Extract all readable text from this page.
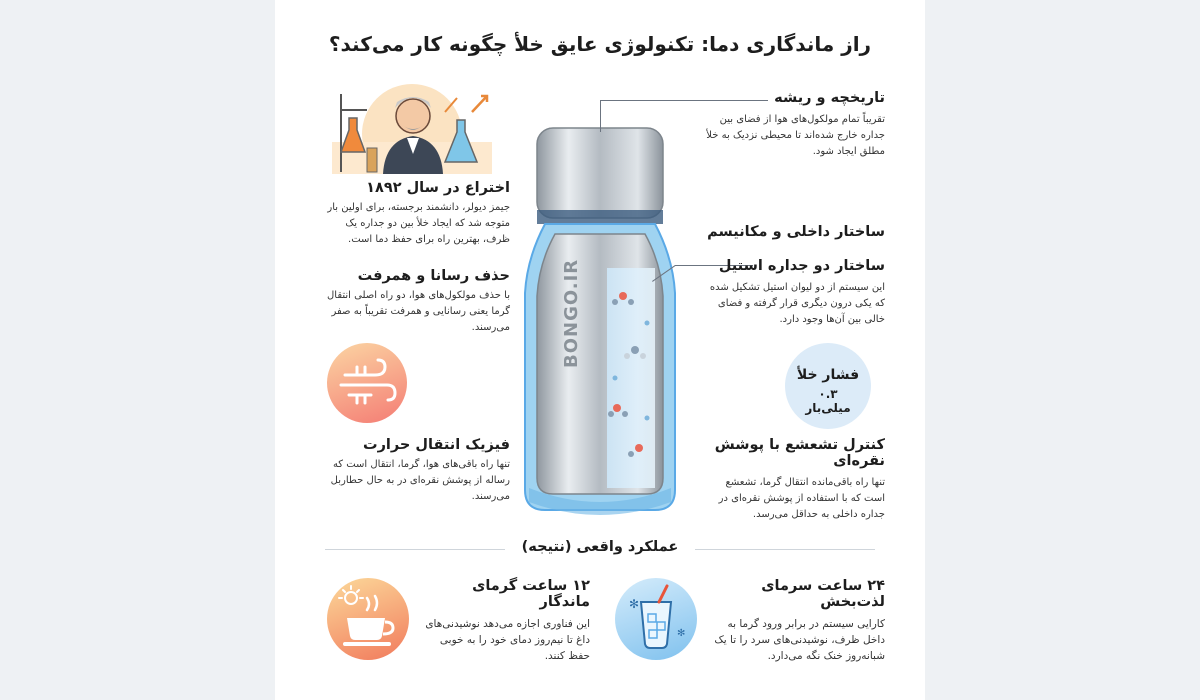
راز ماندگاری دما: تکنولوژی عایق خلأ چگونه کار می‌کند؟
اختراع در سال ۱۸۹۲
جیمز دیولر، دانشمند برجسته، برای اولین بار متوجه شد که ایجاد خلأ بین دو جداره یک ظرف، بهترین راه برای حفظ دما است.
حذف رسانا و همرفت
با حذف مولکول‌های هوا، دو راه اصلی انتقال گرما یعنی رسانایی و همرفت تقریباً به صفر می‌رسند.
فیزیک انتقال حرارت
تنها راه باقی‌های هوا، گرما، انتقال است که رساله از پوشش نقره‌ای در به حال حطاربل می‌رسند.
BONGO.IR
تاریخچه و ریشه
تقریباً تمام مولکول‌های هوا از فضای بین جداره خارج شده‌اند تا محیطی نزدیک به خلأ مطلق ایجاد شود.
ساختار داخلی و مکانیسم
ساختار دو جداره استیل
این سیستم از دو لیوان استیل تشکیل شده که یکی درون دیگری قرار گرفته و فضای خالی بین آن‌ها وجود دارد.
فشار خلأ
۰.۳ میلی‌بار
کنترل تشعشع با پوشش نقره‌ای
تنها راه باقی‌مانده انتقال گرما، تشعشع است که با استفاده از پوشش نقره‌ای در جداره داخلی به حداقل می‌رسد.
عملکرد واقعی (نتیجه)
۱۲ ساعت گرمای ماندگار
این فناوری اجازه می‌دهد نوشیدنی‌های داغ تا نیم‌روز دمای خود را به خوبی حفظ کنند.
✻
✻
۲۴ ساعت سرمای لذت‌بخش
کارایی سیستم در برابر ورود گرما به داخل ظرف، نوشیدنی‌های سرد را تا یک شبانه‌روز خنک نگه می‌دارد.
